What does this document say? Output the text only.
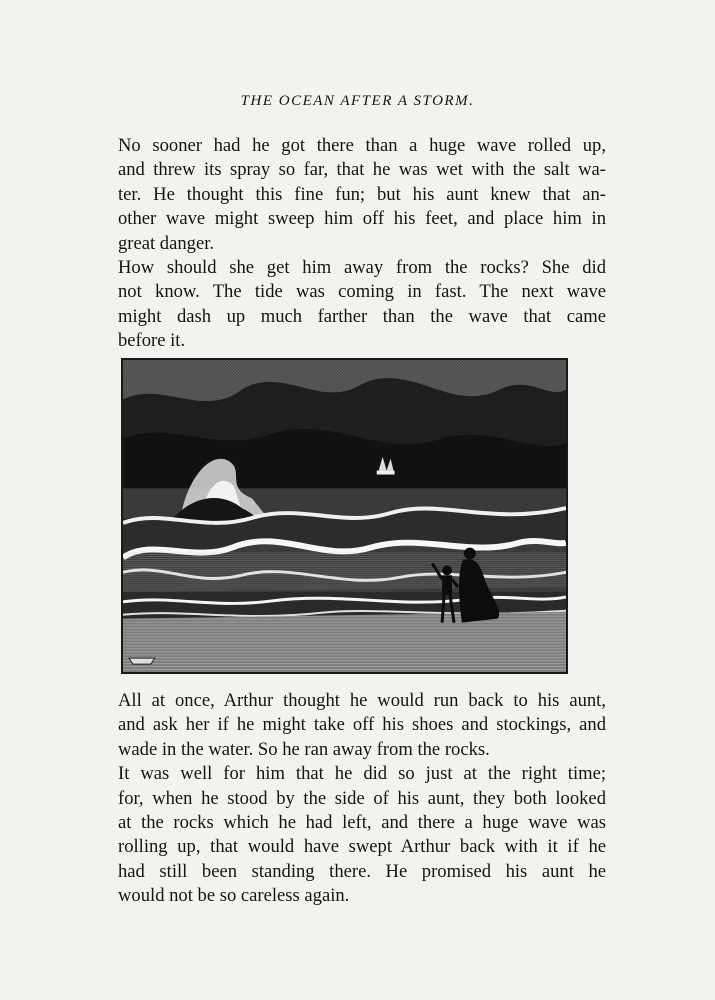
THE OCEAN AFTER A STORM.

No sooner had he got there than a huge wave rolled up,
and threw its spray so far, that he was wet with the salt wa-
ter. He thought this fine fun; but his aunt knew that an-
other wave might sweep him off his feet, and place him in
great danger.

How should she get him away from the rocks? She did
not know. The tide was coming in fast. The next wave
might dash up much farther than the wave that came
before it.

All at once, Arthur thought he would run back to his aunt,
and ask her if he might take off his shoes and stockings, and
wade in the water. So he ran away from the rocks.

It was well for him that he did so just at the right time;
for, when he stood by the side of his aunt, they both looked
at the rocks which he had left, and there a huge wave was
rolling up, that would have swept Arthur back with it if he
had still been standing there. He promised his aunt he
would not be so careless again.
